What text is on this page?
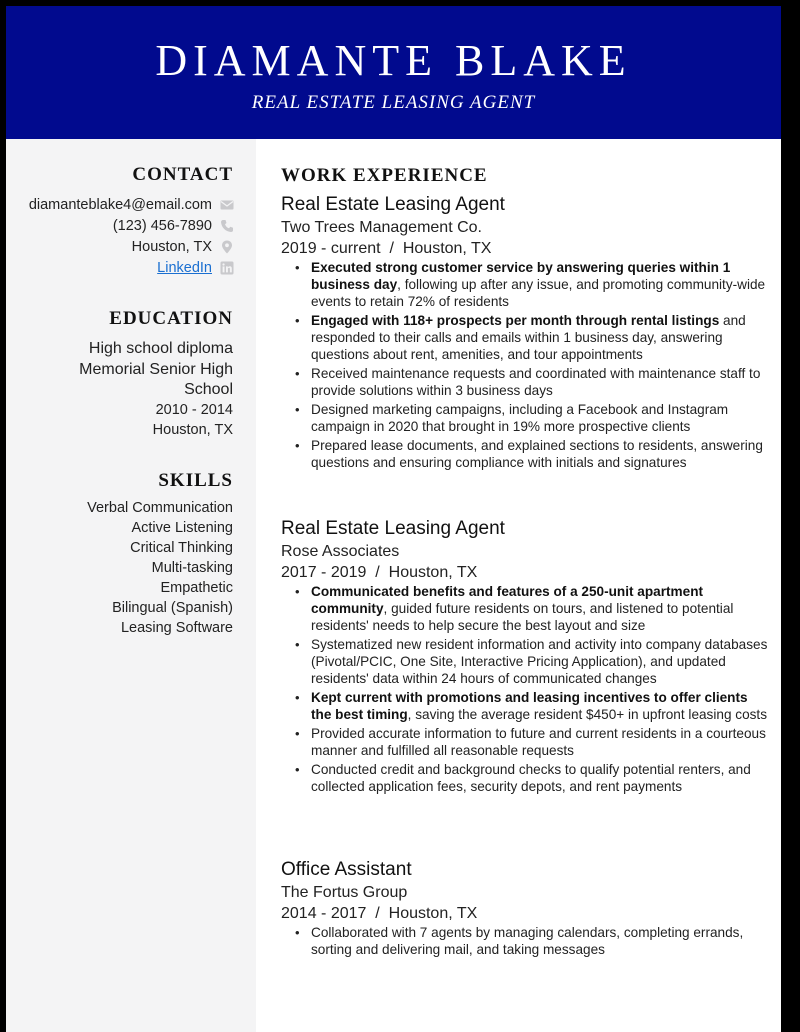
DIAMANTE BLAKE
REAL ESTATE LEASING AGENT
CONTACT
diamanteblake4@email.com
(123) 456-7890
Houston, TX
LinkedIn
EDUCATION
High school diploma
Memorial Senior High School
2010 - 2014
Houston, TX
SKILLS
Verbal Communication
Active Listening
Critical Thinking
Multi-tasking
Empathetic
Bilingual (Spanish)
Leasing Software
WORK EXPERIENCE
Real Estate Leasing Agent
Two Trees Management Co.
2019 - current  /  Houston, TX
• Executed strong customer service by answering queries within 1 business day, following up after any issue, and promoting community-wide events to retain 72% of residents
• Engaged with 118+ prospects per month through rental listings and responded to their calls and emails within 1 business day, answering questions about rent, amenities, and tour appointments
• Received maintenance requests and coordinated with maintenance staff to provide solutions within 3 business days
• Designed marketing campaigns, including a Facebook and Instagram campaign in 2020 that brought in 19% more prospective clients
• Prepared lease documents, and explained sections to residents, answering questions and ensuring compliance with initials and signatures
Real Estate Leasing Agent
Rose Associates
2017 - 2019  /  Houston, TX
• Communicated benefits and features of a 250-unit apartment community, guided future residents on tours, and listened to potential residents' needs to help secure the best layout and size
• Systematized new resident information and activity into company databases (Pivotal/PCIC, One Site, Interactive Pricing Application), and updated residents' data within 24 hours of communicated changes
• Kept current with promotions and leasing incentives to offer clients the best timing, saving the average resident $450+ in upfront leasing costs
• Provided accurate information to future and current residents in a courteous manner and fulfilled all reasonable requests
• Conducted credit and background checks to qualify potential renters, and collected application fees, security depots, and rent payments
Office Assistant
The Fortus Group
2014 - 2017  /  Houston, TX
• Collaborated with 7 agents by managing calendars, completing errands, sorting and delivering mail, and taking messages
